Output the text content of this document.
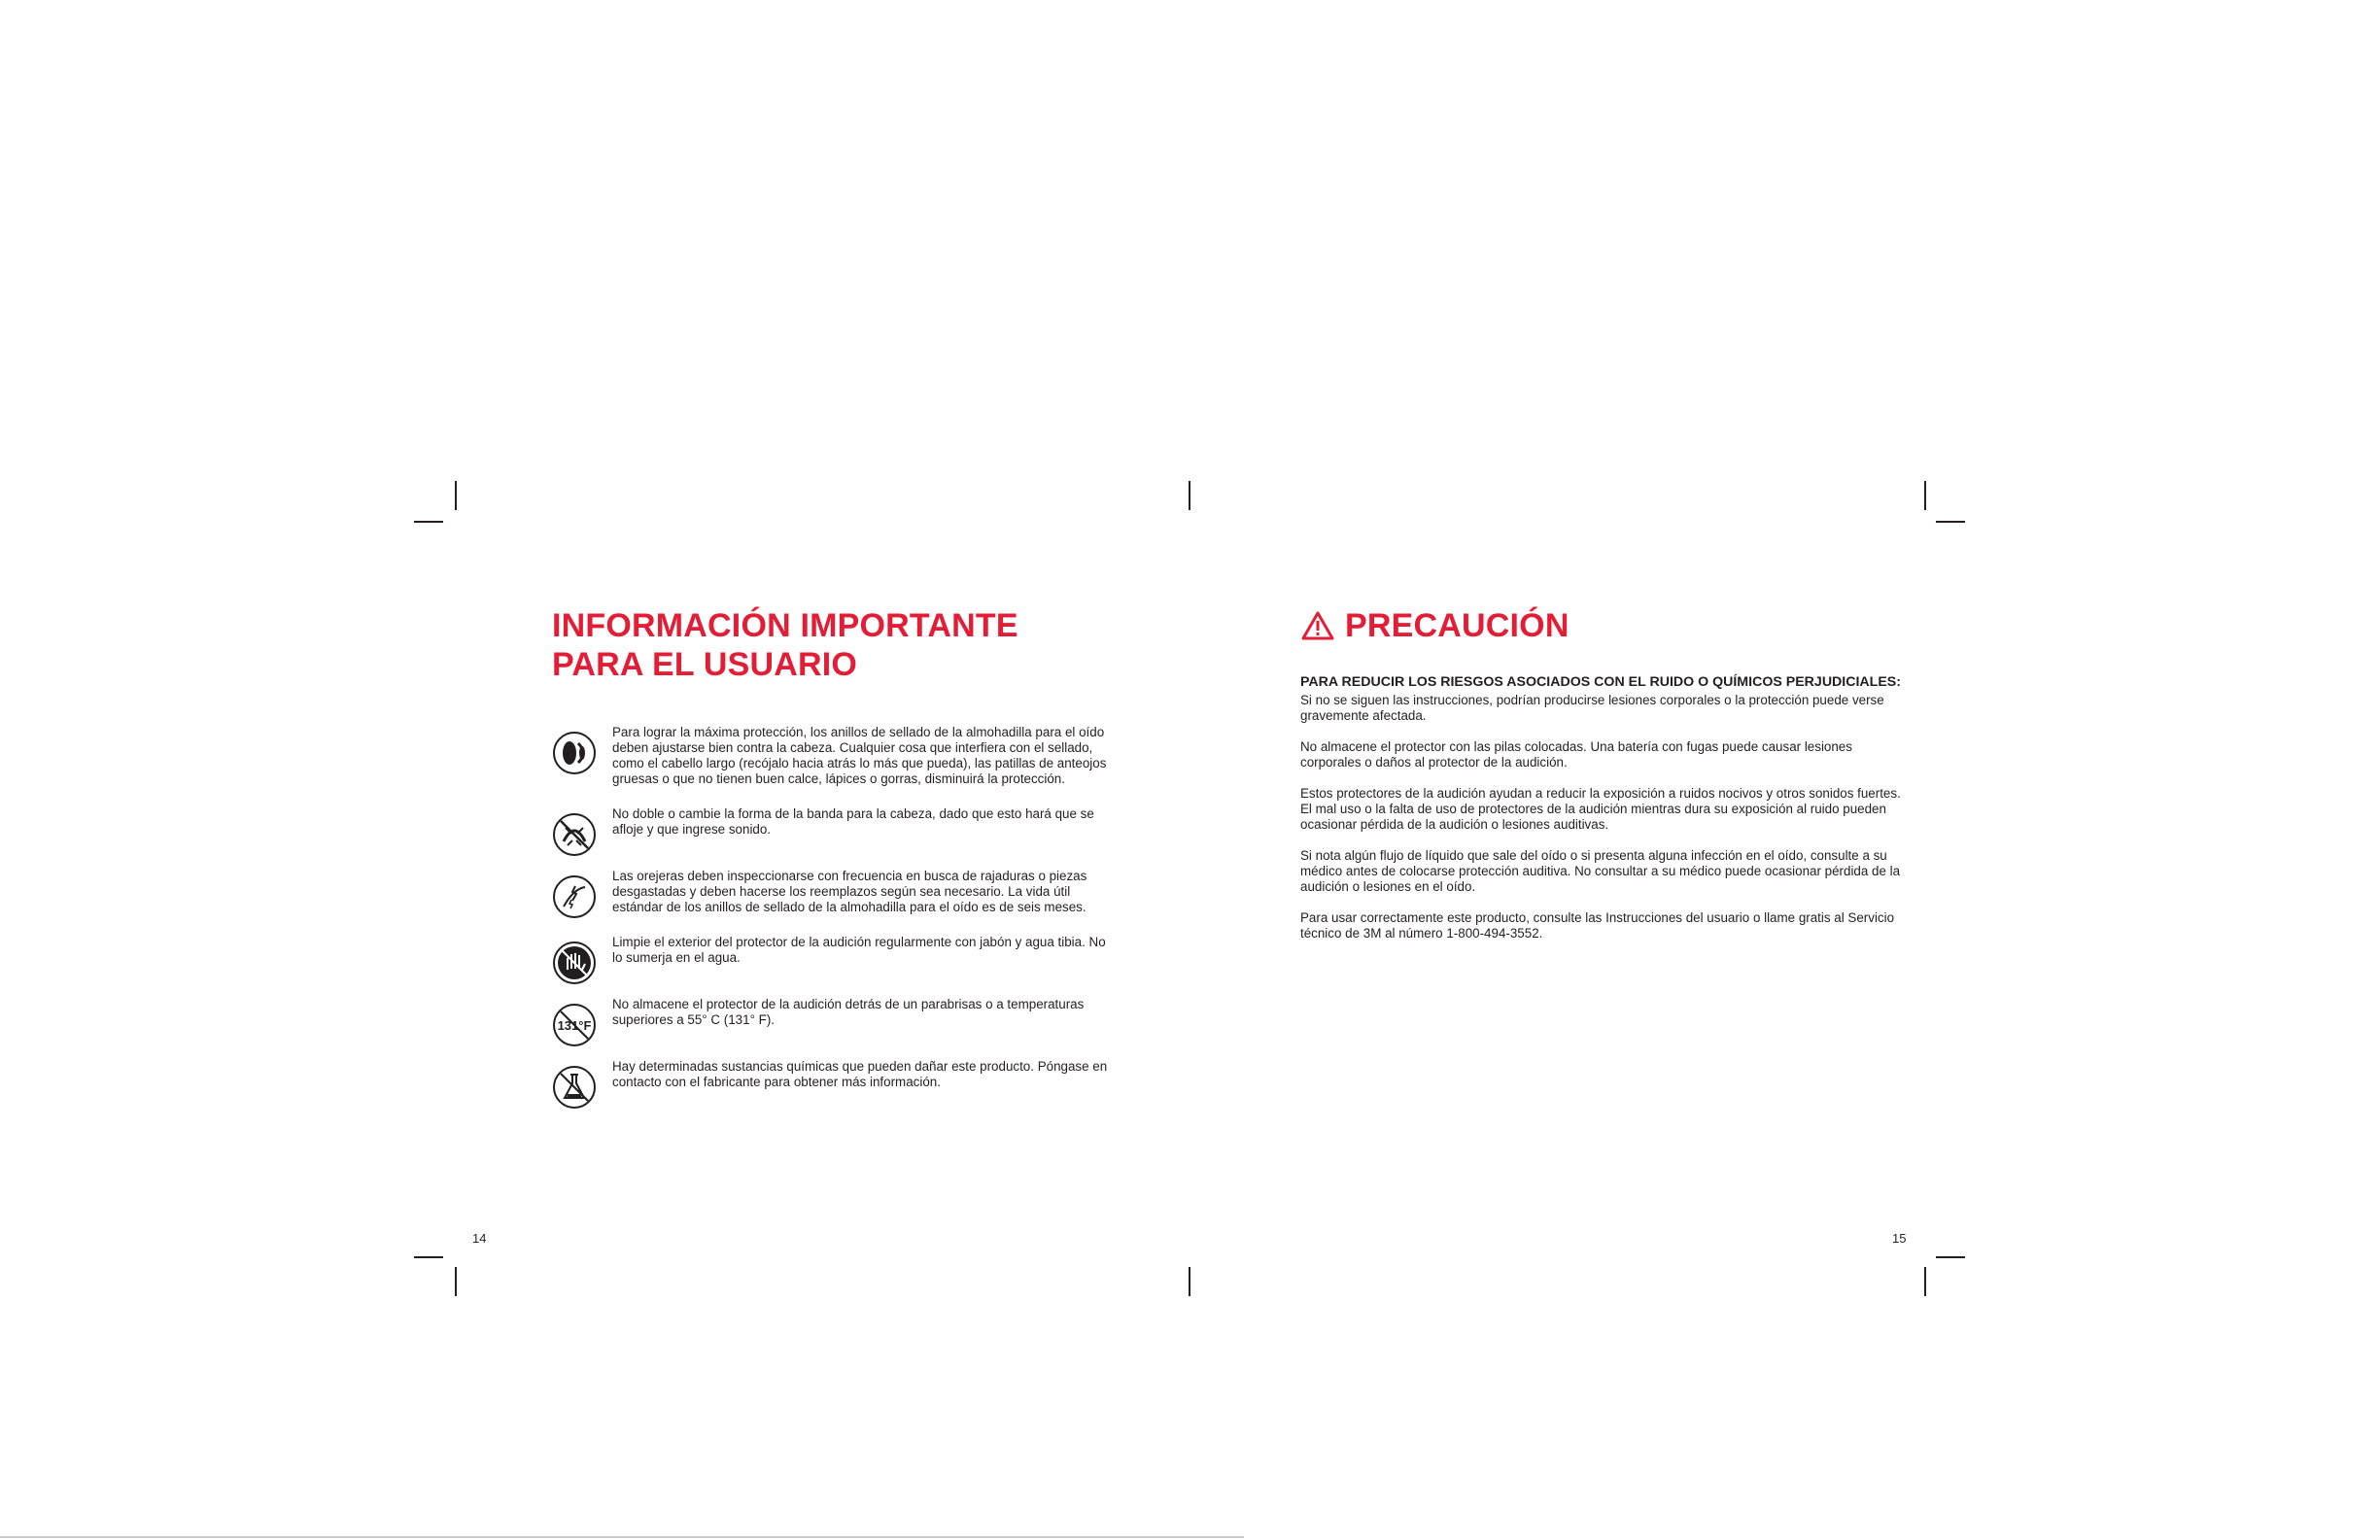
INFORMACIÓN IMPORTANTE
PARA EL USUARIO
Para lograr la máxima protección, los anillos de sellado de la almohadilla para el oído deben ajustarse bien contra la cabeza. Cualquier cosa que interfiera con el sellado, como el cabello largo (recójalo hacia atrás lo más que pueda), las patillas de anteojos gruesas o que no tienen buen calce, lápices o gorras, disminuirá la protección.
No doble o cambie la forma de la banda para la cabeza, dado que esto hará que se afloje y que ingrese sonido.
Las orejeras deben inspeccionarse con frecuencia en busca de rajaduras o piezas desgastadas y deben hacerse los reemplazos según sea necesario. La vida útil estándar de los anillos de sellado de la almohadilla para el oído es de seis meses.
Limpie el exterior del protector de la audición regularmente con jabón y agua tibia. No lo sumerja en el agua.
131°F
No almacene el protector de la audición detrás de un parabrisas o a temperaturas superiores a 55° C (131° F).
Hay determinadas sustancias químicas que pueden dañar este producto. Póngase en contacto con el fabricante para obtener más información.
14
PRECAUCIÓN
PARA REDUCIR LOS RIESGOS ASOCIADOS CON EL RUIDO O QUÍMICOS PERJUDICIALES:

Si no se siguen las instrucciones, podrían producirse lesiones corporales o la protección puede verse gravemente afectada.

No almacene el protector con las pilas colocadas. Una batería con fugas puede causar lesiones corporales o daños al protector de la audición.

Estos protectores de la audición ayudan a reducir la exposición a ruidos nocivos y otros sonidos fuertes. El mal uso o la falta de uso de protectores de la audición mientras dura su exposición al ruido pueden ocasionar pérdida de la audición o lesiones auditivas.

Si nota algún flujo de líquido que sale del oído o si presenta alguna infección en el oído, consulte a su médico antes de colocarse protección auditiva. No consultar a su médico puede ocasionar pérdida de la audición o lesiones en el oído.

Para usar correctamente este producto, consulte las Instrucciones del usuario o llame gratis al Servicio técnico de 3M al número 1-800-494-3552.

15
